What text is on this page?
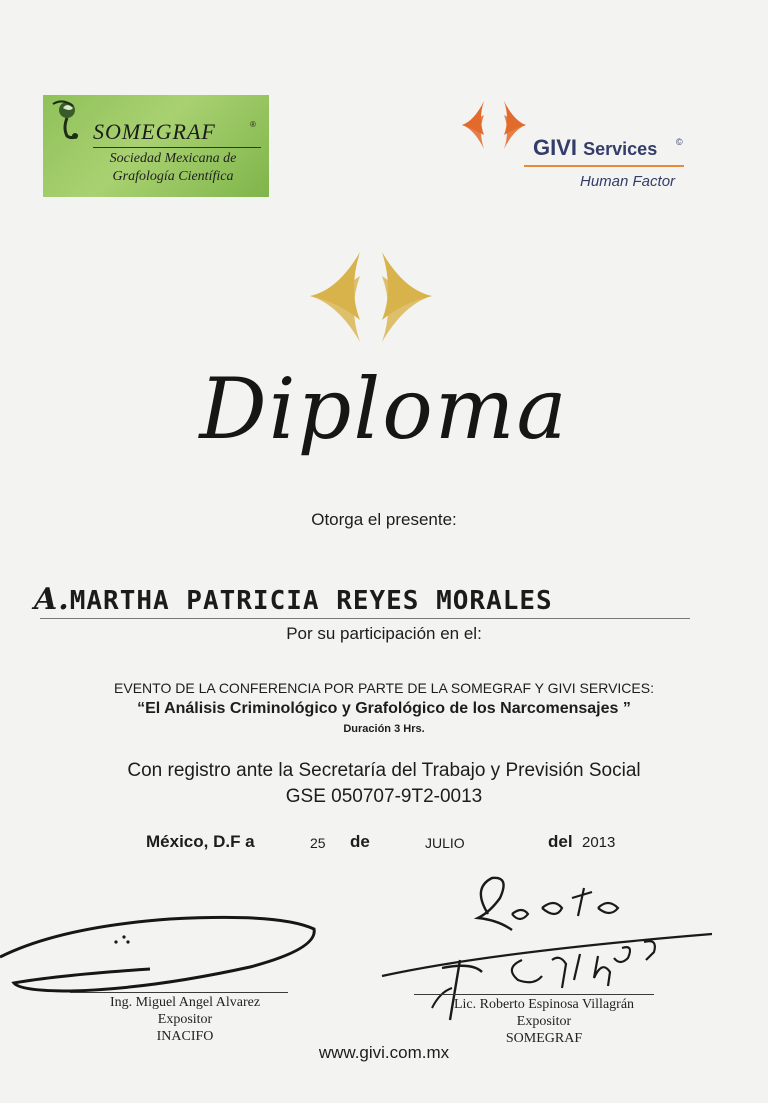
SOMEGRAF	®
Sociedad Mexicana de
Grafología Científica
GIVI Services ©
Human Factor
Diploma
Otorga el presente:
A.MARTHA PATRICIA REYES MORALES
Por su participación en el:
EVENTO DE LA CONFERENCIA POR PARTE DE LA SOMEGRAF Y GIVI SERVICES:
“El Análisis Criminológico y Grafológico de los Narcomensajes ”
Duración 3 Hrs.
Con registro ante la Secretaría del Trabajo y Previsión Social
GSE 050707-9T2-0013
México, D.F a	25 de	JULIO	del 2013
Ing. Miguel Angel Alvarez
Expositor
INACIFO
Lic. Roberto Espinosa Villagrán
Expositor
SOMEGRAF
www.givi.com.mx
